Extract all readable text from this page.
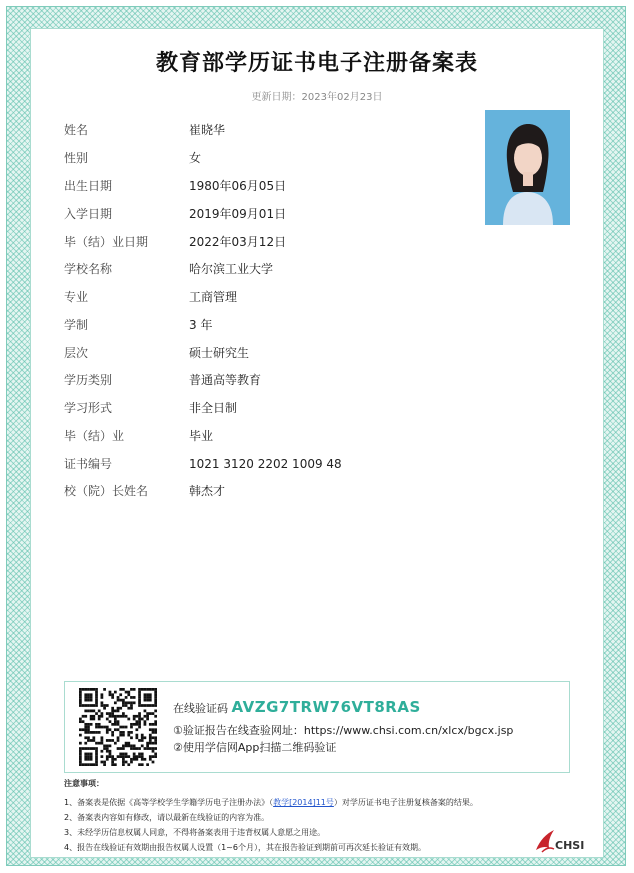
教育部学历证书电子注册备案表
更新日期：2023年02月23日
姓名	崔晓华
性别	女
出生日期	1980年06月05日
入学日期	2019年09月01日
毕（结）业日期	2022年03月12日
学校名称	哈尔滨工业大学
专业	工商管理
学制	3 年
层次	硕士研究生
学历类别	普通高等教育
学习形式	非全日制
毕（结）业	毕业
证书编号	1021 3120 2202 1009 48
校（院）长姓名	韩杰才
在线验证码 AVZG7TRW76VT8RAS
①验证报告在线查验网址：https://www.chsi.com.cn/xlcx/bgcx.jsp
②使用学信网App扫描二维码验证
注意事项：
1、备案表是依据《高等学校学生学籍学历电子注册办法》（教学[2014]11号）对学历证书电子注册复核备案的结果。
2、备案表内容如有修改，请以最新在线验证的内容为准。
3、未经学历信息权属人同意，不得将备案表用于违背权属人意愿之用途。
4、报告在线验证有效期由报告权属人设置（1~6个月），其在报告验证到期前可再次延长验证有效期。	CHSI
